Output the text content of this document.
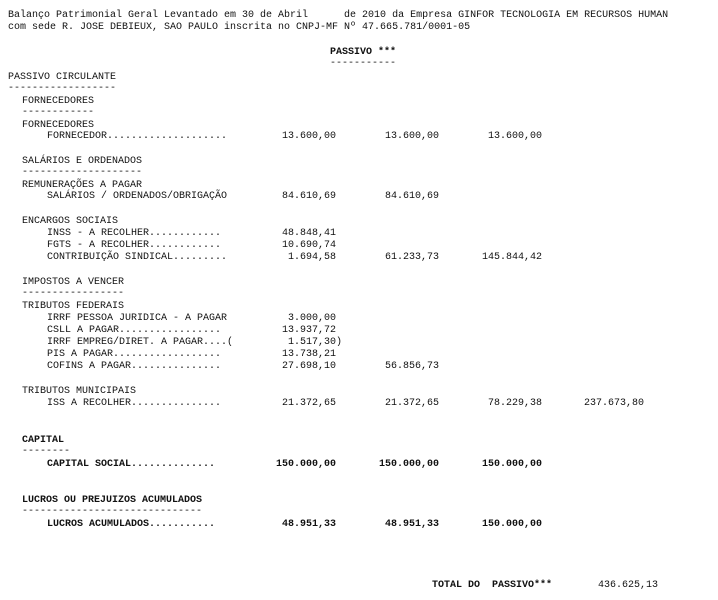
Balanço Patrimonial Geral Levantado em 30 de Abril      de 2010 da Empresa GINFOR TECNOLOGIA EM RECURSOS HUMAN
com sede R. JOSE DEBIEUX, SAO PAULO inscrita no CNPJ-MF Nº 47.665.781/0001-05
PASSIVO ***
-----------
PASSIVO CIRCULANTE
------------------
FORNECEDORES
------------
FORNECEDORES
FORNECEDOR....................	13.600,00	13.600,00	13.600,00
SALÁRIOS E ORDENADOS
--------------------
REMUNERAÇÕES A PAGAR
SALÁRIOS / ORDENADOS/OBRIGAÇÃO	84.610,69	84.610,69
ENCARGOS SOCIAIS
INSS - A RECOLHER............	48.848,41
FGTS - A RECOLHER............	10.690,74
CONTRIBUIÇÃO SINDICAL.........	1.694,58	61.233,73	145.844,42
IMPOSTOS A VENCER
-----------------
TRIBUTOS FEDERAIS
IRRF PESSOA JURIDICA - A PAGAR	3.000,00
CSLL A PAGAR.................	13.937,72
IRRF EMPREG/DIRET. A PAGAR....(	1.517,30)
PIS A PAGAR..................	13.738,21
COFINS A PAGAR...............	27.698,10	56.856,73
TRIBUTOS MUNICIPAIS
ISS A RECOLHER...............	21.372,65	21.372,65	78.229,38	237.673,80
CAPITAL
--------
CAPITAL SOCIAL..............	150.000,00	150.000,00	150.000,00
LUCROS OU PREJUIZOS ACUMULADOS
------------------------------
LUCROS ACUMULADOS...........	48.951,33	48.951,33	150.000,00
TOTAL DO  PASSIVO***	436.625,13
